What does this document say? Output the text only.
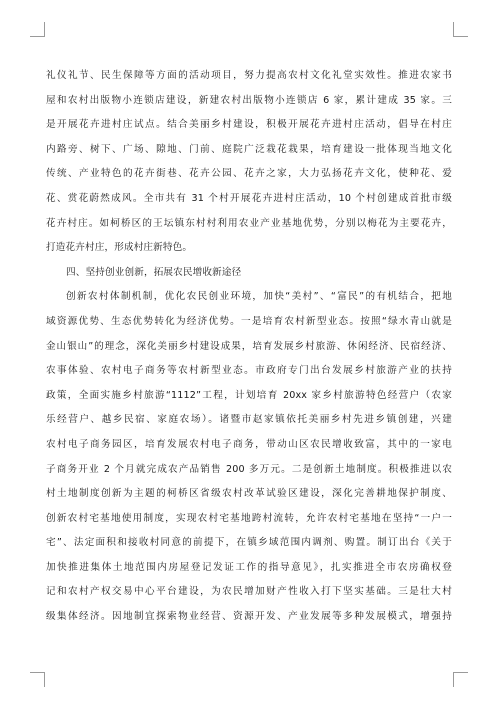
礼仪礼节、民生保障等方面的活动项目，努力提高农村文化礼堂实效性。推进农家书
屋和农村出版物小连锁店建设，新建农村出版物小连锁店 6 家，累计建成 35 家。三
是开展花卉进村庄试点。结合美丽乡村建设，积极开展花卉进村庄活动，倡导在村庄
内路旁、树下、广场、隙地、门前、庭院广泛栽花栽果，培育建设一批体现当地文化
传统、产业特色的花卉街巷、花卉公园、花卉之家，大力弘扬花卉文化，使种花、爱
花、赏花蔚然成风。全市共有 31 个村开展花卉进村庄活动，10 个村创建成首批市级
花卉村庄。如柯桥区的王坛镇东村村利用农业产业基地优势，分别以梅花为主要花卉，
打造花卉村庄，形成村庄新特色。
四、坚持创业创新，拓展农民增收新途径
创新农村体制机制，优化农民创业环境，加快“美村”、“富民”的有机结合，把地
域资源优势、生态优势转化为经济优势。一是培育农村新型业态。按照“绿水青山就是
金山银山”的理念，深化美丽乡村建设成果，培育发展乡村旅游、休闲经济、民宿经济、
农事体验、农村电子商务等农村新型业态。市政府专门出台发展乡村旅游产业的扶持
政策，全面实施乡村旅游“1112”工程，计划培育 20xx 家乡村旅游特色经营户（农家
乐经营户、越乡民宿、家庭农场）。诸暨市赵家镇依托美丽乡村先进乡镇创建，兴建
农村电子商务园区，培育发展农村电子商务，带动山区农民增收致富，其中的一家电
子商务开业 2 个月就完成农产品销售 200 多万元。二是创新土地制度。积极推进以农
村土地制度创新为主题的柯桥区省级农村改革试验区建设，深化完善耕地保护制度、
创新农村宅基地使用制度，实现农村宅基地跨村流转，允许农村宅基地在坚持“一户一
宅”、法定面积和接收村同意的前提下，在镇乡域范围内调剂、购置。制订出台《关于
加快推进集体土地范围内房屋登记发证工作的指导意见》，扎实推进全市农房确权登
记和农村产权交易中心平台建设，为农民增加财产性收入打下坚实基础。三是壮大村
级集体经济。因地制宜探索物业经营、资源开发、产业发展等多种发展模式，增强持
